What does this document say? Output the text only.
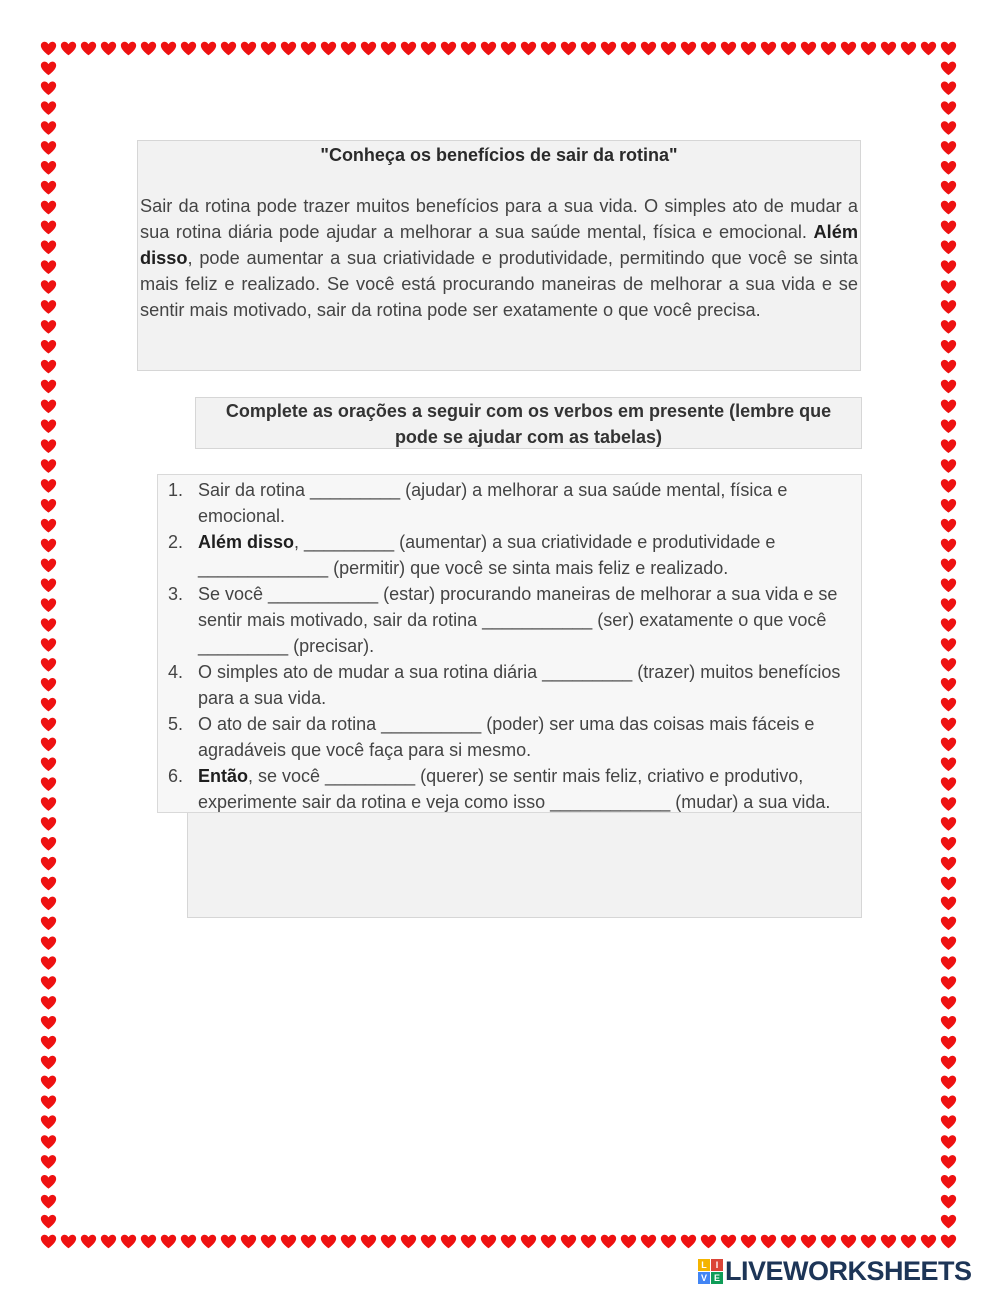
"Conheça os benefícios de sair da rotina"
Sair da rotina pode trazer muitos benefícios para a sua vida. O simples ato de mudar a sua rotina diária pode ajudar a melhorar a sua saúde mental, física e emocional. Além disso, pode aumentar a sua criatividade e produtividade, permitindo que você se sinta mais feliz e realizado. Se você está procurando maneiras de melhorar a sua vida e se sentir mais motivado, sair da rotina pode ser exatamente o que você precisa.
Complete as orações a seguir com os verbos em presente (lembre que
pode se ajudar com as tabelas)
1. Sair da rotina _________ (ajudar) a melhorar a sua saúde mental, física e emocional.
2. Além disso, _________ (aumentar) a sua criatividade e produtividade e _____________ (permitir) que você se sinta mais feliz e realizado.
3. Se você ___________ (estar) procurando maneiras de melhorar a sua vida e se sentir mais motivado, sair da rotina ___________ (ser) exatamente o que você _________ (precisar).
4. O simples ato de mudar a sua rotina diária _________ (trazer) muitos benefícios para a sua vida.
5. O ato de sair da rotina __________ (poder) ser uma das coisas mais fáceis e agradáveis que você faça para si mesmo.
6. Então, se você _________ (querer) se sentir mais feliz, criativo e produtivo, experimente sair da rotina e veja como isso ____________ (mudar) a sua vida.
L I
V E LIVEWORKSHEETS
